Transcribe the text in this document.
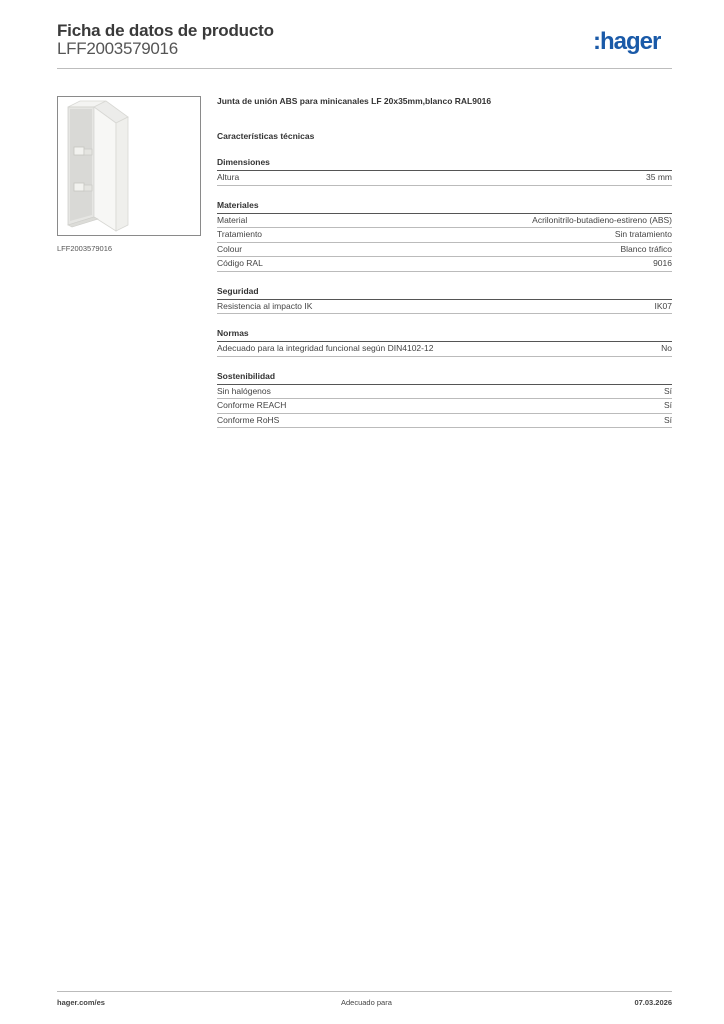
Ficha de datos de producto
LFF2003579016	:hager
LFF2003579016
Junta de unión ABS para minicanales LF 20x35mm,blanco RAL9016
Características técnicas
Dimensiones
Altura	35 mm
Materiales
Material	Acrilonitrilo-butadieno-estireno (ABS)
Tratamiento	Sin tratamiento
Colour	Blanco tráfico
Código RAL	9016
Seguridad
Resistencia al impacto IK	IK07
Normas
Adecuado para la integridad funcional según DIN4102-12	No
Sostenibilidad
Sin halógenos	Sí
Conforme REACH	Sí
Conforme RoHS	Sí
hager.com/es	Adecuado para	07.03.2026
